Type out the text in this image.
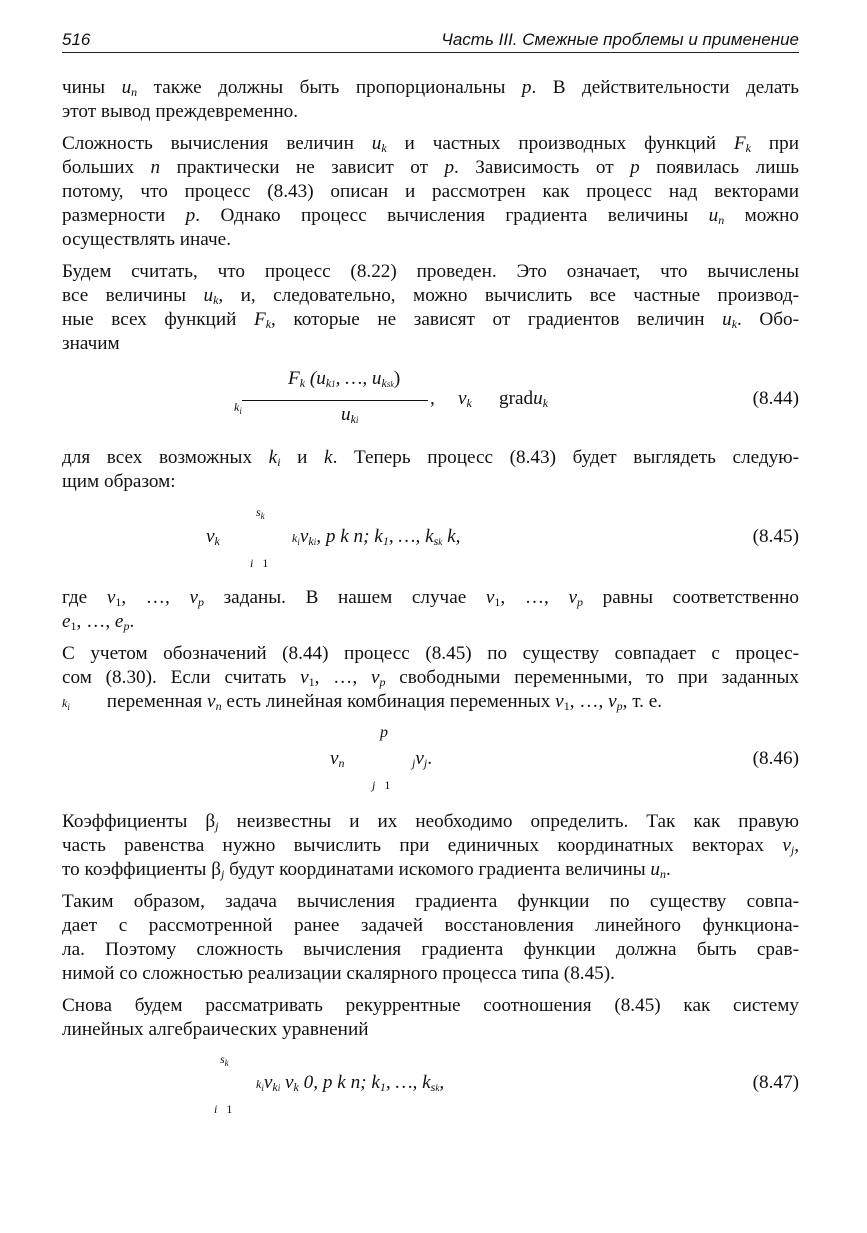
516	Часть III. Смежные проблемы и применение
чины $u_n$ также должны быть пропорциональны p. В действительности делать
этот вывод преждевременно.
Сложность вычисления величин $u_k$ и частных производных функций $F_k$ при
больших n практически не зависит от p. Зависимость от p появилась лишь
потому, что процесс (8.43) описан и рассмотрен как процесс над векторами
размерности p. Однако процесс вычисления градиента величины $u_n$ можно
осуществлять иначе.
Будем считать, что процесс (8.22) проведен. Это означает, что вычислены
все величины $u_k$, и, следовательно, можно вычислить все частные производ-
ные всех функций $F_k$, которые не зависят от градиентов величин $u_k$. Обо-
значим
$k_i$
$F_k$ ($u_{k1}$, …, $u_{ksk}$)
$u_{ki}$
, $v_k$ gradu$_k$	(8.44)
для всех возможных $k_i$ и k. Теперь процесс (8.43) будет выглядеть следую-
щим образом:
$s_k$
$v_k$	$k_iv_{ki}$, p k n; $k_1$, …, $k_{sk}$ k,
i 1
(8.45)
где $v_1$, …, $v_p$ заданы. В нашем случае $v_1$, …, $v_p$ равны соответственно
$e_1$, …, $e_p$.
С учетом обозначений (8.44) процесс (8.45) по существу совпадает с процес-
сом (8.30). Если считать $v_1$, …, $v_p$ свободными переменными, то при заданных
$k_i$ переменная $v_n$ есть линейная комбинация переменных $v_1$, …, $v_p$, т. е.
p
$v_n$	$_jv_j$.
j 1
(8.46)
Коэффициенты $\beta_j$ неизвестны и их необходимо определить. Так как правую
часть равенства нужно вычислить при единичных координатных векторах $v_j$,
то коэффициенты $\beta_j$ будут координатами искомого градиента величины $u_n$.
Таким образом, задача вычисления градиента функции по существу совпа-
дает с рассмотренной ранее задачей восстановления линейного функциона-
ла. Поэтому сложность вычисления градиента функции должна быть срав-
нимой со сложностью реализации скалярного процесса типа (8.45).
Снова будем рассматривать рекуррентные соотношения (8.45) как систему
линейных алгебраических уравнений
$s_k$
$k_iv_{ki}$ $v_k$ 0, p k n; $k_1$, …, $k_{sk}$,
i 1
(8.47)
